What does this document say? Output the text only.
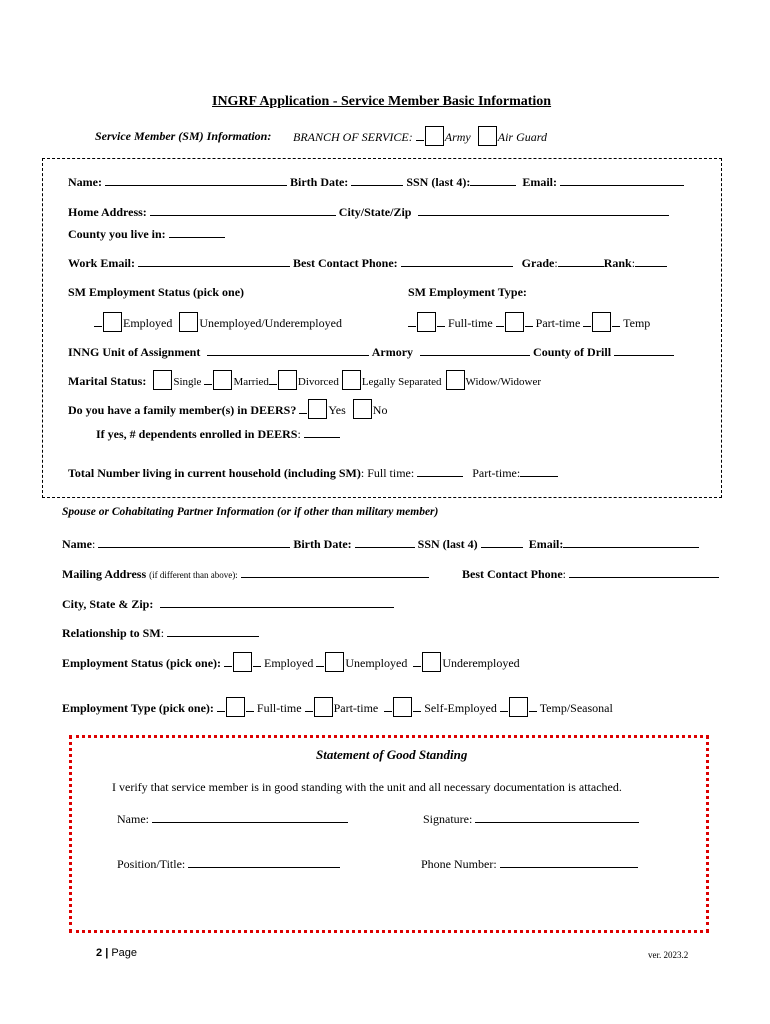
INGRF Application - Service Member Basic Information
Service Member (SM) Information: BRANCH OF SERVICE:	Army Air Guard
Name:	Birth Date:	SSN (last 4):	Email:
Home Address:	City/State/Zip
County you live in:
Work Email:	Best Contact Phone:	Grade:	Rank:
SM Employment Status (pick one)	SM Employment Type:
Employed Unemployed/Underemployed	Full-time	Part-time	Temp
INNG Unit of Assignment	Armory	County of Drill
Marital Status: Single	Married	Divorced Legally Separated Widow/Widower
Do you have a family member(s) in DEERS?	Yes No
If yes, # dependents enrolled in DEERS:
Total Number living in current household (including SM): Full time:	Part-time:
Spouse or Cohabitating Partner Information (or if other than military member)
Name:	Birth Date:	SSN (last 4)	Email:
Mailing Address (if different than above):	Best Contact Phone:
City, State & Zip:
Relationship to SM:
Employment Status (pick one):	Employed	Unemployed	Underemployed
Employment Type (pick one):	Full-time	Part-time	Self-Employed	Temp/Seasonal
Statement of Good Standing
I verify that service member is in good standing with the unit and all necessary documentation is attached.
Name:	Signature:
Position/Title:	Phone Number:
2 | Page	ver. 2023.2
